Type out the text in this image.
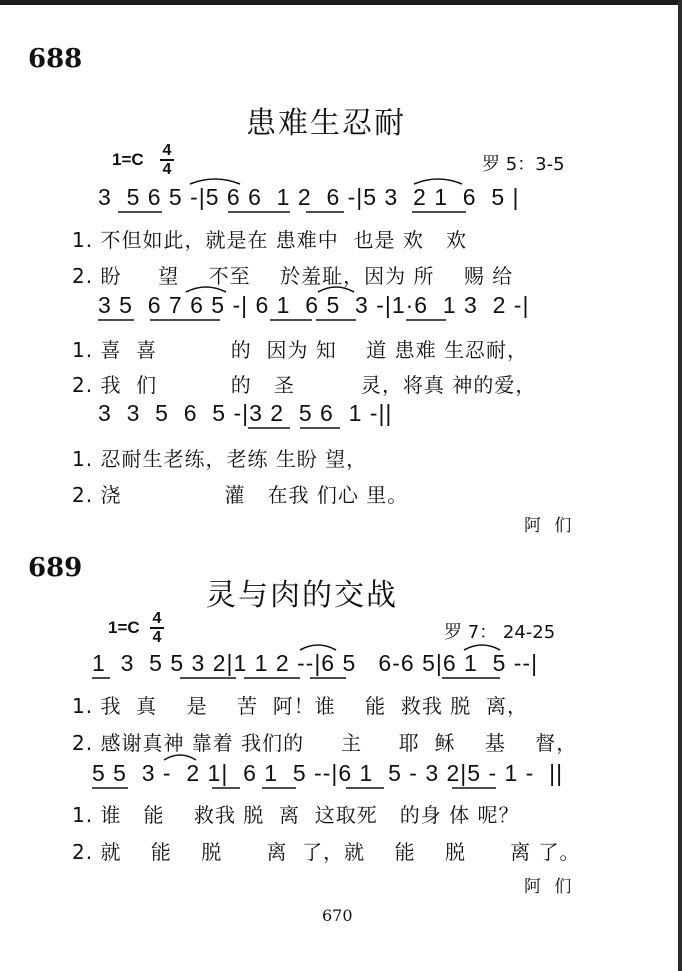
688
患难生忍耐
1=C 4
4	罗 5：3-5
3  5 6 5 -|5 6 6  1 2  6 -|5 3  2 1  6  5 |
1. 不但如此，就是在 患难中  也是 欢   欢
2. 盼     望    不至    於羞耻，因为 所    赐 给
3 5  6 7 6 5 -| 6 1  6 5  3 -|1·6  1 3  2 -|
1. 喜  喜          的  因为 知    道 患难 生忍耐，
2. 我  们          的   圣         灵，将真 神的爱，
3  3  5  6  5 -|3 2  5 6  1 -||
1. 忍耐生老练，老练 生盼 望，
2. 浇              灌   在我 们心 里。
阿 们
689
灵与肉的交战
1=C 4
4	罗 7： 24-25
1  3  5 5 3 2|1 1 2 --|6 5   6-6 5|6 1  5 --|
1. 我  真    是    苦  阿！谁    能  救我 脱  离，
2. 感谢真神 靠着 我们的     主     耶  稣    基    督，
5 5  3 -  2 1|  6 1  5 --|6 1  5 - 3 2|5 - 1 -  ||
1. 谁   能    救我 脱  离  这取死   的身 体 呢？
2. 就    能    脱      离  了，就    能    脱      离 了。
阿 们
670
